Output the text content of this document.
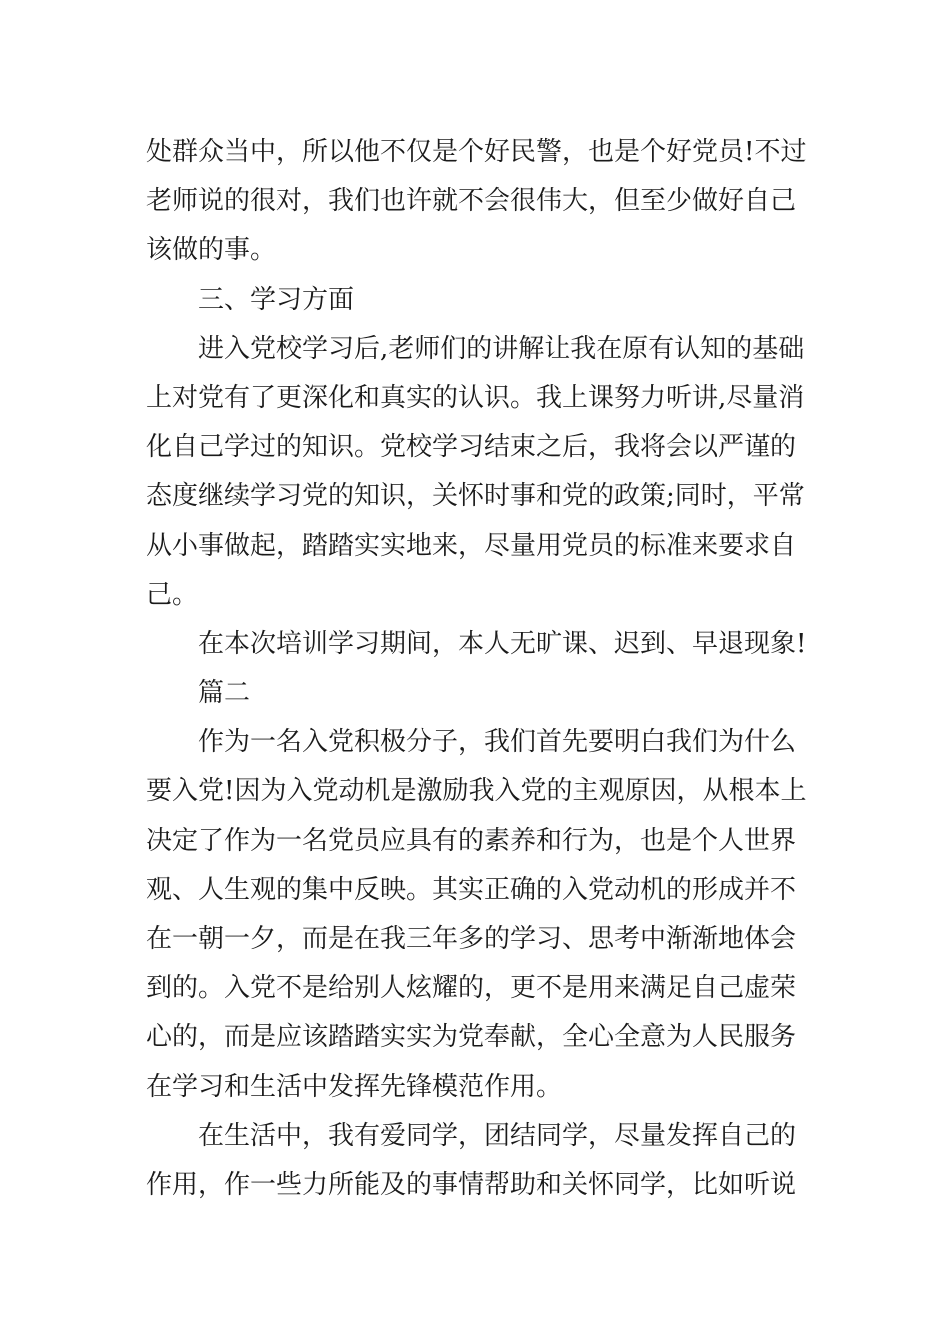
处群众当中，所以他不仅是个好民警，也是个好党员!不过
老师说的很对，我们也许就不会很伟大，但至少做好自己
该做的事。
三、学习方面
进入党校学习后,老师们的讲解让我在原有认知的基础
上对党有了更深化和真实的认识。我上课努力听讲,尽量消
化自己学过的知识。党校学习结束之后，我将会以严谨的
态度继续学习党的知识，关怀时事和党的政策;同时，平常
从小事做起，踏踏实实地来，尽量用党员的标准来要求自
己。
在本次培训学习期间，本人无旷课、迟到、早退现象!
篇二
作为一名入党积极分子，我们首先要明白我们为什么
要入党!因为入党动机是激励我入党的主观原因，从根本上
决定了作为一名党员应具有的素养和行为，也是个人世界
观、人生观的集中反映。其实正确的入党动机的形成并不
在一朝一夕，而是在我三年多的学习、思考中渐渐地体会
到的。入党不是给别人炫耀的，更不是用来满足自己虚荣
心的，而是应该踏踏实实为党奉献，全心全意为人民服务
在学习和生活中发挥先锋模范作用。
在生活中，我有爱同学，团结同学，尽量发挥自己的
作用，作一些力所能及的事情帮助和关怀同学，比如听说
